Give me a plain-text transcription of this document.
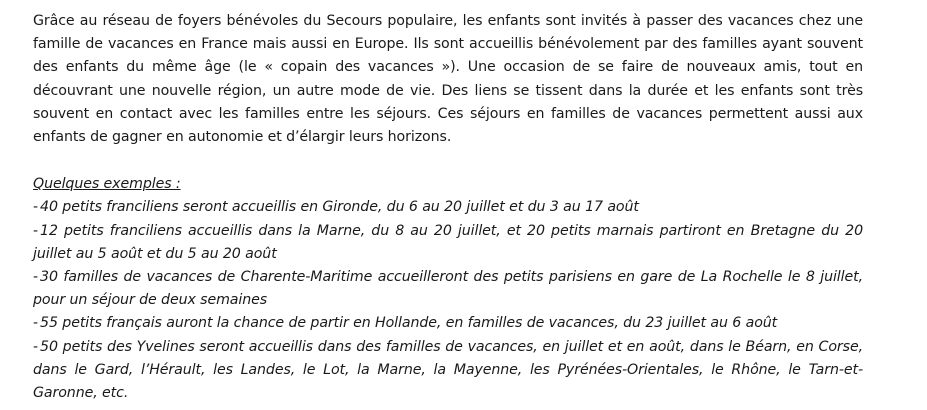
Grâce au réseau de foyers bénévoles du Secours populaire, les enfants sont invités à passer des vacances chez une famille de vacances en France mais aussi en Europe. Ils sont accueillis bénévolement par des familles ayant souvent des enfants du même âge (le « copain des vacances »). Une occasion de se faire de nouveaux amis, tout en découvrant une nouvelle région, un autre mode de vie. Des liens se tissent dans la durée et les enfants sont très souvent en contact avec les familles entre les séjours. Ces séjours en familles de vacances permettent aussi aux enfants de gagner en autonomie et d’élargir leurs horizons.

Quelques exemples :
- 40 petits franciliens seront accueillis en Gironde, du 6 au 20 juillet et du 3 au 17 août
- 12 petits franciliens accueillis dans la Marne, du 8 au 20 juillet, et 20 petits marnais partiront en Bretagne du 20 juillet au 5 août et du 5 au 20 août
- 30 familles de vacances de Charente-Maritime accueilleront des petits parisiens en gare de La Rochelle le 8 juillet, pour un séjour de deux semaines
- 55 petits français auront la chance de partir en Hollande, en familles de vacances, du 23 juillet au 6 août
- 50 petits des Yvelines seront accueillis dans des familles de vacances, en juillet et en août, dans le Béarn, en Corse, dans le Gard, l’Hérault, les Landes, le Lot, la Marne, la Mayenne, les Pyrénées-Orientales, le Rhône, le Tarn-et-Garonne, etc.
